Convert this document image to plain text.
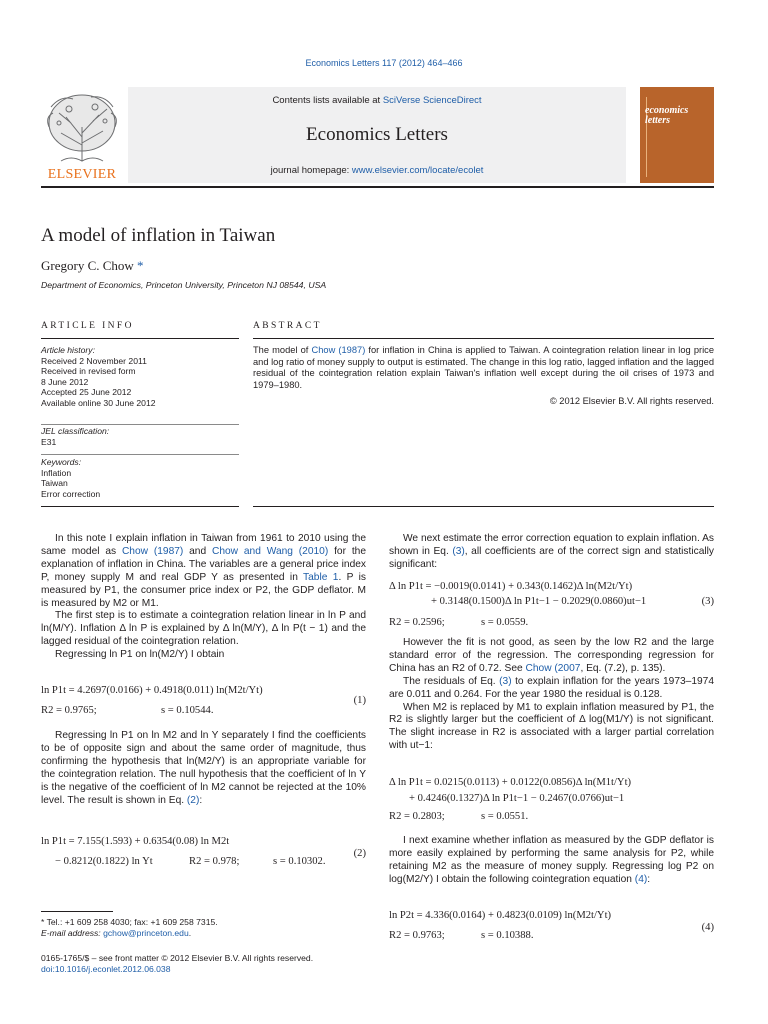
Economics Letters 117 (2012) 464–466
ELSEVIER
Contents lists available at SciVerse ScienceDirect
Economics Letters
journal homepage: www.elsevier.com/locate/ecolet
economics letters
A model of inflation in Taiwan
Gregory C. Chow *
Department of Economics, Princeton University, Princeton NJ 08544, USA
ARTICLE INFO	ABSTRACT
Article history:
Received 2 November 2011
Received in revised form
8 June 2012
Accepted 25 June 2012
Available online 30 June 2012
JEL classification:
E31
Keywords:
Inflation
Taiwan
Error correction
The model of Chow (1987) for inflation in China is applied to Taiwan. A cointegration relation linear in log price and log ratio of money supply to output is estimated. The change in this log ratio, lagged inflation and the lagged residual of the cointegration relation explain Taiwan's inflation well except during the oil crises of 1973 and 1979–1980.
© 2012 Elsevier B.V. All rights reserved.

In this note I explain inflation in Taiwan from 1961 to 2010 using the same model as Chow (1987) and Chow and Wang (2010) for the explanation of inflation in China. The variables are a general price index P, money supply M and real GDP Y as presented in Table 1. P is measured by P1, the consumer price index or P2, the GDP deflator. M is measured by M2 or M1.

The first step is to estimate a cointegration relation linear in ln P and ln(M/Y). Inflation Δ ln P is explained by Δ ln(M/Y), Δ ln P(t − 1) and the lagged residual of the cointegration relation.

Regressing ln P1 on ln(M2/Y) I obtain

ln P1t = 4.2697(0.0166) + 0.4918(0.011) ln(M2t/Yt)
R2 = 0.9765;	s = 0.10544.
(1)

Regressing ln P1 on ln M2 and ln Y separately I find the coefficients to be of opposite sign and about the same order of magnitude, thus confirming the hypothesis that ln(M2/Y) is an appropriate variable for the cointegration relation. The null hypothesis that the coefficient of ln Y is the negative of the coefficient of ln M2 cannot be rejected at the 10% level. The result is shown in Eq. (2):

ln P1t = 7.155(1.593) + 0.6354(0.08) ln M2t
− 0.8212(0.1822) ln Yt	R2 = 0.978;	s = 0.10302.
(2)
* Tel.: +1 609 258 4030; fax: +1 609 258 7315.
E-mail address: gchow@princeton.edu.
0165-1765/$ – see front matter © 2012 Elsevier B.V. All rights reserved.
doi:10.1016/j.econlet.2012.06.038

We next estimate the error correction equation to explain inflation. As shown in Eq. (3), all coefficients are of the correct sign and statistically significant:

Δ ln P1t = −0.0019(0.0141) + 0.343(0.1462)Δ ln(M2t/Yt)
+ 0.3148(0.1500)Δ ln P1t−1 − 0.2029(0.0860)ut−1	(3)
R2 = 0.2596;	s = 0.0559.

However the fit is not good, as seen by the low R2 and the large standard error of the regression. The corresponding regression for China has an R2 of 0.72. See Chow (2007, Eq. (7.2), p. 135).

The residuals of Eq. (3) to explain inflation for the years 1973–1974 are 0.011 and 0.264. For the year 1980 the residual is 0.128.

When M2 is replaced by M1 to explain inflation measured by P1, the R2 is slightly larger but the coefficient of Δ log(M1/Y) is not significant. The slight increase in R2 is associated with a larger partial correlation with ut−1:

Δ ln P1t = 0.0215(0.0113) + 0.0122(0.0856)Δ ln(M1t/Yt)
+ 0.4246(0.1327)Δ ln P1t−1 − 0.2467(0.0766)ut−1
R2 = 0.2803;	s = 0.0551.

I next examine whether inflation as measured by the GDP deflator is more easily explained by performing the same analysis for P2, while retaining M2 as the measure of money supply. Regressing log P2 on log(M2/Y) I obtain the following cointegration equation (4):

ln P2t = 4.336(0.0164) + 0.4823(0.0109) ln(M2t/Yt)
R2 = 0.9763;	s = 0.10388.
(4)
